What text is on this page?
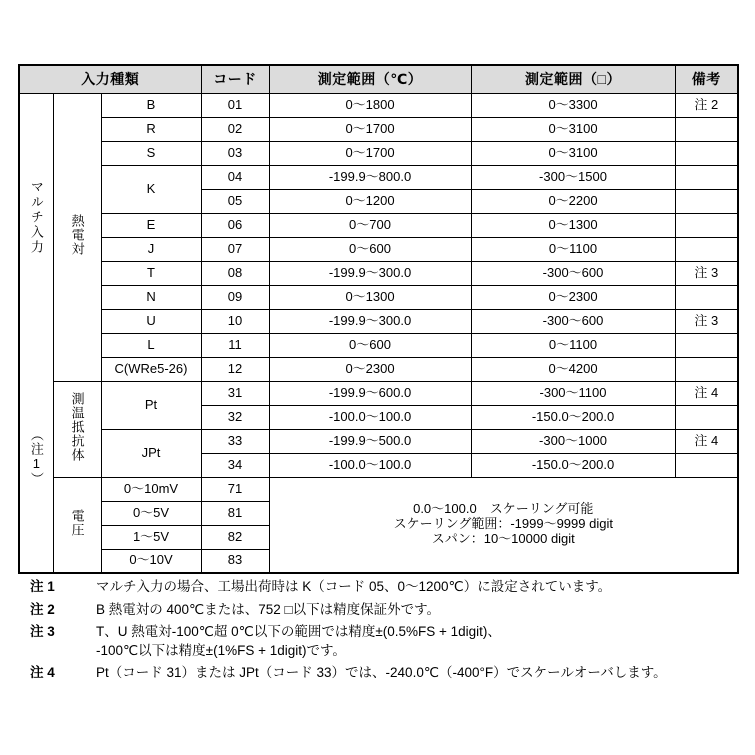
入力種類			コード	測定範囲（℃）	測定範囲（□）	備考

マルチ入力
（注1）	熱電対	B	01	0〜1800	0〜3300	注 2
		R	02	0〜1700	0〜3100	
		S	03	0〜1700	0〜3100	
		K	04	-199.9〜800.0	-300〜1500	
			05	0〜1200	0〜2200	
		E	06	0〜700	0〜1300	
		J	07	0〜600	0〜1100	
		T	08	-199.9〜300.0	-300〜600	注 3
		N	09	0〜1300	0〜2300	
		U	10	-199.9〜300.0	-300〜600	注 3
		L	11	0〜600	0〜1100	
		C(WRe5-26)	12	0〜2300	0〜4200	
	測温抵抗体	Pt	31	-199.9〜600.0	-300〜1100	注 4
			32	-100.0〜100.0	-150.0〜200.0	
		JPt	33	-199.9〜500.0	-300〜1000	注 4
			34	-100.0〜100.0	-150.0〜200.0	
	電圧	0〜10mV	71	0.0〜100.0　スケーリング可能
スケーリング範囲：-1999〜9999 digit
スパン：10〜10000 digit		

		0〜5V	81			
		1〜5V	82			
		0〜10V	83			
注 1	マルチ入力の場合、工場出荷時は K（コード 05、0〜1200℃）に設定されています。
注 2	B 熱電対の 400℃または、752 □以下は精度保証外です。
注 3	T、U 熱電対-100℃超 0℃以下の範囲では精度±(0.5%FS + 1digit)、
-100℃以下は精度±(1%FS + 1digit)です。
注 4	Pt（コード 31）または JPt（コード 33）では、-240.0℃（-400°F）でスケールオーバします。
